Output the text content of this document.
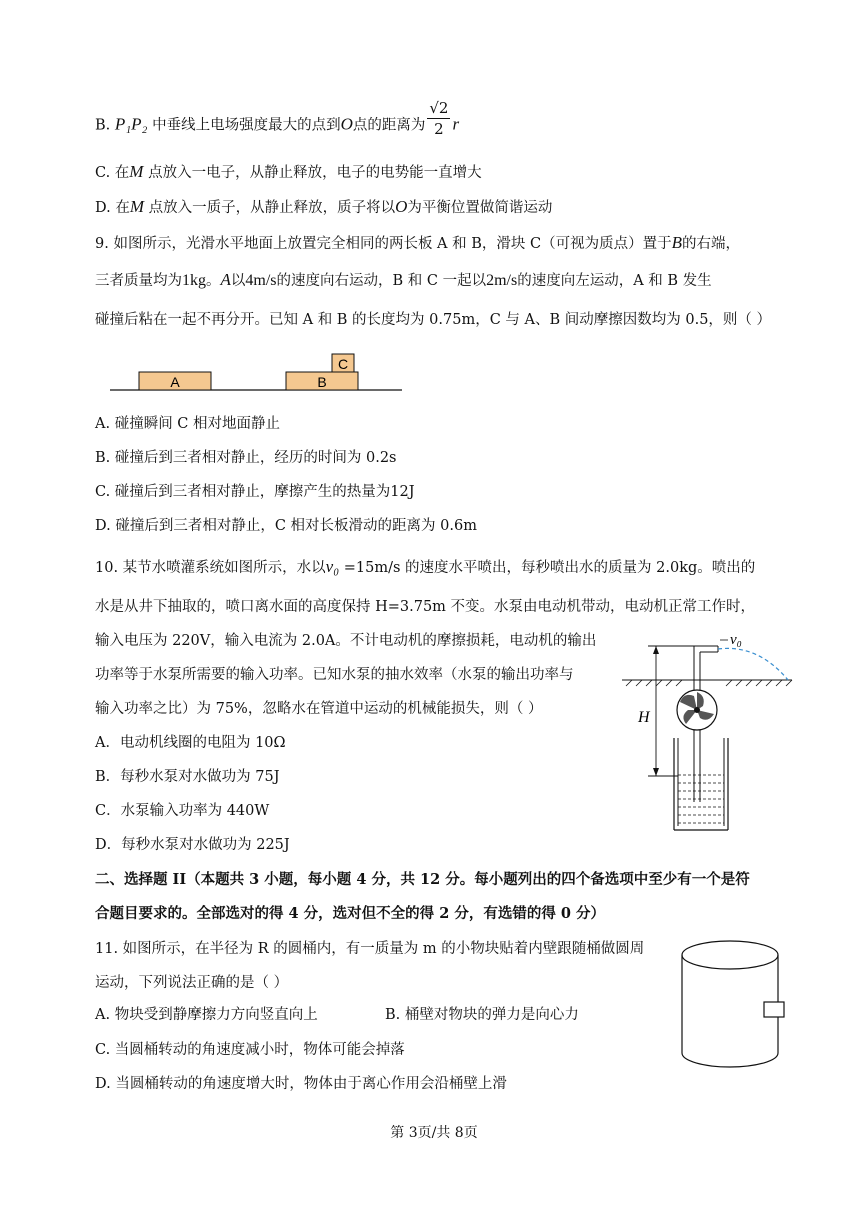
B. P₁P₂ 中垂线上电场强度最大的点到O点的距离为 $\frac{√2}{2}$ r
C. 在M 点放入一电子，从静止释放，电子的电势能一直增大
D. 在M 点放入一质子，从静止释放，质子将以O为平衡位置做简谐运动
9. 如图所示，光滑水平地面上放置完全相同的两长板 A 和 B，滑块 C（可视为质点）置于B的右端，
三者质量均为1kg。A以4m/s的速度向右运动，B 和 C 一起以2m/s的速度向左运动，A 和 B 发生
碰撞后粘在一起不再分开。已知 A 和 B 的长度均为 0.75m，C 与 A、B 间动摩擦因数均为 0.5，则（ ）
A	B
C
A. 碰撞瞬间 C 相对地面静止
B. 碰撞后到三者相对静止，经历的时间为 0.2s
C. 碰撞后到三者相对静止，摩擦产生的热量为12J
D. 碰撞后到三者相对静止，C 相对长板滑动的距离为 0.6m
10. 某节水喷灌系统如图所示，水以v₀ =15m/s 的速度水平喷出，每秒喷出水的质量为 2.0kg。喷出的
水是从井下抽取的，喷口离水面的高度保持 H=3.75m 不变。水泵由电动机带动，电动机正常工作时，
输入电压为 220V，输入电流为 2.0A。不计电动机的摩擦损耗，电动机的输出
功率等于水泵所需要的输入功率。已知水泵的抽水效率（水泵的输出功率与
输入功率之比）为 75%，忽略水在管道中运动的机械能损失，则（ ）
A．电动机线圈的电阻为 10Ω
B．每秒水泵对水做功为 75J
C．水泵输入功率为 440W
D．每秒水泵对水做功为 225J
v₀
H
二、选择题 II（本题共 3 小题，每小题 4 分，共 12 分。每小题列出的四个备选项中至少有一个是符
合题目要求的。全部选对的得 4 分，选对但不全的得 2 分，有选错的得 0 分）
11. 如图所示，在半径为 R 的圆桶内，有一质量为 m 的小物块贴着内壁跟随桶做圆周
运动，下列说法正确的是（ ）
A. 物块受到静摩擦力方向竖直向上	B. 桶壁对物块的弹力是向心力
C. 当圆桶转动的角速度减小时，物体可能会掉落
D. 当圆桶转动的角速度增大时，物体由于离心作用会沿桶壁上滑
第 3页/共 8页
